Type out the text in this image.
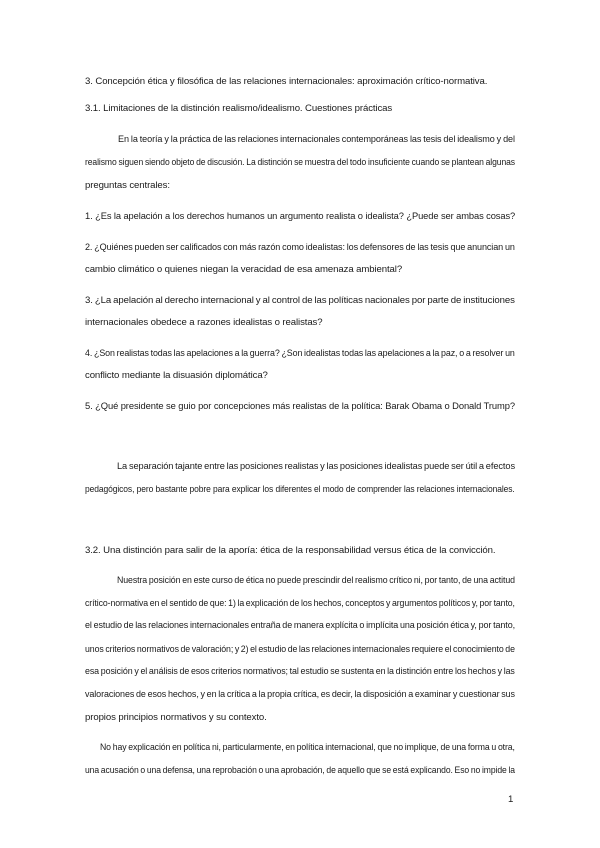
3. Concepción ética y filosófica de las relaciones internacionales: aproximación crítico-normativa.
3.1. Limitaciones de la distinción realismo/idealismo. Cuestiones prácticas
En la teoría y la práctica de las relaciones internacionales contemporáneas las tesis del idealismo y del
realismo siguen siendo objeto de discusión. La distinción se muestra del todo insuficiente cuando se plantean algunas
preguntas centrales:
1. ¿Es la apelación a los derechos humanos un argumento realista o idealista? ¿Puede ser ambas cosas?
2. ¿Quiénes pueden ser calificados con más razón como idealistas: los defensores de las tesis que anuncian un
cambio climático o quienes niegan la veracidad de esa amenaza ambiental?
3. ¿La apelación al derecho internacional y al control de las políticas nacionales por parte de instituciones
internacionales obedece a razones idealistas o realistas?
4. ¿Son realistas todas las apelaciones a la guerra? ¿Son idealistas todas las apelaciones a la paz, o a resolver un
conflicto mediante la disuasión diplomática?
5. ¿Qué presidente se guio por concepciones más realistas de la política: Barak Obama o Donald Trump?
La separación tajante entre las posiciones realistas y las posiciones idealistas puede ser útil a efectos
pedagógicos, pero bastante pobre para explicar los diferentes el modo de comprender las relaciones internacionales.
3.2. Una distinción para salir de la aporía: ética de la responsabilidad versus ética de la convicción.
Nuestra posición en este curso de ética no puede prescindir del realismo crítico ni, por tanto, de una actitud
crítico-normativa en el sentido de que: 1) la explicación de los hechos, conceptos y argumentos políticos y, por tanto,
el estudio de las relaciones internacionales entraña de manera explícita o implícita una posición ética y, por tanto,
unos criterios normativos de valoración; y 2) el estudio de las relaciones internacionales requiere el conocimiento de
esa posición y el análisis de esos criterios normativos; tal estudio se sustenta en la distinción entre los hechos y las
valoraciones de esos hechos, y en la crítica a la propia crítica, es decir, la disposición a examinar y cuestionar sus
propios principios normativos y su contexto.
No hay explicación en política ni, particularmente, en política internacional, que no implique, de una forma u otra,
una acusación o una defensa, una reprobación o una aprobación, de aquello que se está explicando. Eso no impide la
1
